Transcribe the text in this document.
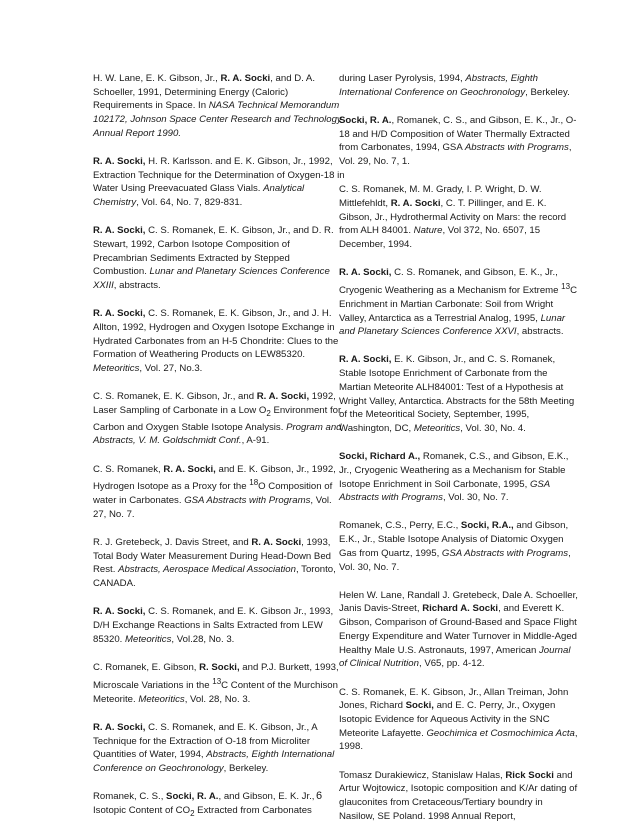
H. W. Lane, E. K. Gibson, Jr., R. A. Socki, and D. A. Schoeller, 1991, Determining Energy (Caloric) Requirements in Space. In NASA Technical Memorandum 102172, Johnson Space Center Research and Technology Annual Report 1990.

R. A. Socki, H. R. Karlsson. and E. K. Gibson, Jr., 1992, Extraction Technique for the Determination of Oxygen-18 in Water Using Preevacuated Glass Vials. Analytical Chemistry, Vol. 64, No. 7, 829-831.

R. A. Socki, C. S. Romanek, E. K. Gibson, Jr., and D. R. Stewart, 1992, Carbon Isotope Composition of Precambrian Sediments Extracted by Stepped Combustion. Lunar and Planetary Sciences Conference XXIII, abstracts.

R. A. Socki, C. S. Romanek, E. K. Gibson, Jr., and J. H. Allton, 1992, Hydrogen and Oxygen Isotope Exchange in Hydrated Carbonates from an H-5 Chondrite: Clues to the Formation of Weathering Products on LEW85320. Meteoritics, Vol. 27, No.3.

C. S. Romanek, E. K. Gibson, Jr., and R. A. Socki, 1992, Laser Sampling of Carbonate in a Low $O_2$ Environment for Carbon and Oxygen Stable Isotope Analysis. Program and Abstracts, V. M. Goldschmidt Conf., A-91.

C. S. Romanek, R. A. Socki, and E. K. Gibson, Jr., 1992, Hydrogen Isotope as a Proxy for the $^{18}$O Composition of water in Carbonates. GSA Abstracts with Programs, Vol. 27, No. 7.

R. J. Gretebeck, J. Davis Street, and R. A. Socki, 1993, Total Body Water Measurement During Head-Down Bed Rest. Abstracts, Aerospace Medical Association, Toronto, CANADA.

R. A. Socki, C. S. Romanek, and E. K. Gibson Jr., 1993, D/H Exchange Reactions in Salts Extracted from LEW 85320. Meteoritics, Vol.28, No. 3.

C. Romanek, E. Gibson, R. Socki, and P.J. Burkett, 1993, Microscale Variations in the $^{13}$C Content of the Murchison Meteorite. Meteoritics, Vol. 28, No. 3.

R. A. Socki, C. S. Romanek, and E. K. Gibson, Jr., A Technique for the Extraction of O-18 from Microliter Quantities of Water, 1994, Abstracts, Eighth International Conference on Geochronology, Berkeley.

Romanek, C. S., Socki, R. A., and Gibson, E. K. Jr., Isotopic Content of $CO_2$ Extracted from Carbonates

during Laser Pyrolysis, 1994, Abstracts, Eighth International Conference on Geochronology, Berkeley.

Socki, R. A., Romanek, C. S., and Gibson, E. K., Jr., O-18 and H/D Composition of Water Thermally Extracted from Carbonates, 1994, GSA Abstracts with Programs, Vol. 29, No. 7, 1.

C. S. Romanek, M. M. Grady, I. P. Wright, D. W. Mittlefehldt, R. A. Socki, C. T. Pillinger, and E. K. Gibson, Jr., Hydrothermal Activity on Mars: the record from ALH 84001. Nature, Vol 372, No. 6507, 15 December, 1994.

R. A. Socki, C. S. Romanek, and Gibson, E. K., Jr., Cryogenic Weathering as a Mechanism for Extreme $^{13}$C Enrichment in Martian Carbonate: Soil from Wright Valley, Antarctica as a Terrestrial Analog, 1995, Lunar and Planetary Sciences Conference XXVI, abstracts.

R. A. Socki, E. K. Gibson, Jr., and C. S. Romanek, Stable Isotope Enrichment of Carbonate from the Martian Meteorite ALH84001: Test of a Hypothesis at Wright Valley, Antarctica. Abstracts for the 58th Meeting of the Meteoritical Society, September, 1995, Washington, DC, Meteoritics, Vol. 30, No. 4.

Socki, Richard A., Romanek, C.S., and Gibson, E.K., Jr., Cryogenic Weathering as a Mechanism for Stable Isotope Enrichment in Soil Carbonate, 1995, GSA Abstracts with Programs, Vol. 30, No. 7.

Romanek, C.S., Perry, E.C., Socki, R.A., and Gibson, E.K., Jr., Stable Isotope Analysis of Diatomic Oxygen Gas from Quartz, 1995, GSA Abstracts with Programs, Vol. 30, No. 7.

Helen W. Lane, Randall J. Gretebeck, Dale A. Schoeller, Janis Davis-Street, Richard A. Socki, and Everett K. Gibson, Comparison of Ground-Based and Space Flight Energy Expenditure and Water Turnover in Middle-Aged Healthy Male U.S. Astronauts, 1997, American Journal of Clinical Nutrition, V65, pp. 4-12.

C. S. Romanek, E. K. Gibson, Jr., Allan Treiman, John Jones, Richard Socki, and E. C. Perry, Jr., Oxygen Isotopic Evidence for Aqueous Activity in the SNC Meteorite Lafayette. Geochimica et Cosmochimica Acta, 1998.

Tomasz Durakiewicz, Stanislaw Halas, Rick Socki and Artur Wojtowicz, Isotopic composition and K/Ar dating of glauconites from Cretaceous/Tertiary boundry in Nasilow, SE Poland. 1998 Annual Report,

6
